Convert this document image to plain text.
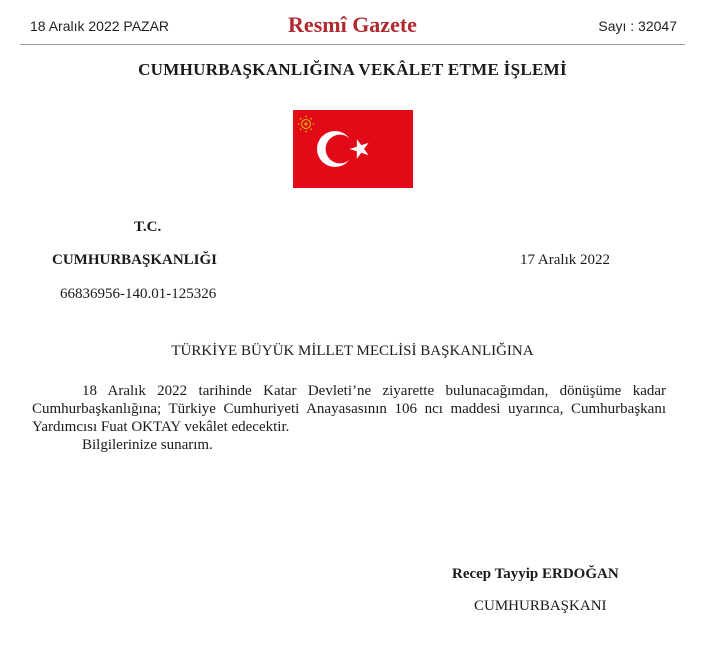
18 Aralık 2022 PAZAR	Resmî Gazete	Sayı : 32047
CUMHURBAŞKANLIĞINA VEKÂLET ETME İŞLEMİ
T.C.
CUMHURBAŞKANLIĞI
66836956-140.01-125326
17 Aralık 2022
TÜRKİYE BÜYÜK MİLLET MECLİSİ BAŞKANLIĞINA

18 Aralık 2022 tarihinde Katar Devleti’ne ziyarette bulunacağımdan, dönüşüme kadar Cumhurbaşkanlığına; Türkiye Cumhuriyeti Anayasasının 106 ncı maddesi uyarınca, Cumhurbaşkanı Yardımcısı Fuat OKTAY vekâlet edecektir.

Bilgilerinize sunarım.

Recep Tayyip ERDOĞAN
CUMHURBAŞKANI
